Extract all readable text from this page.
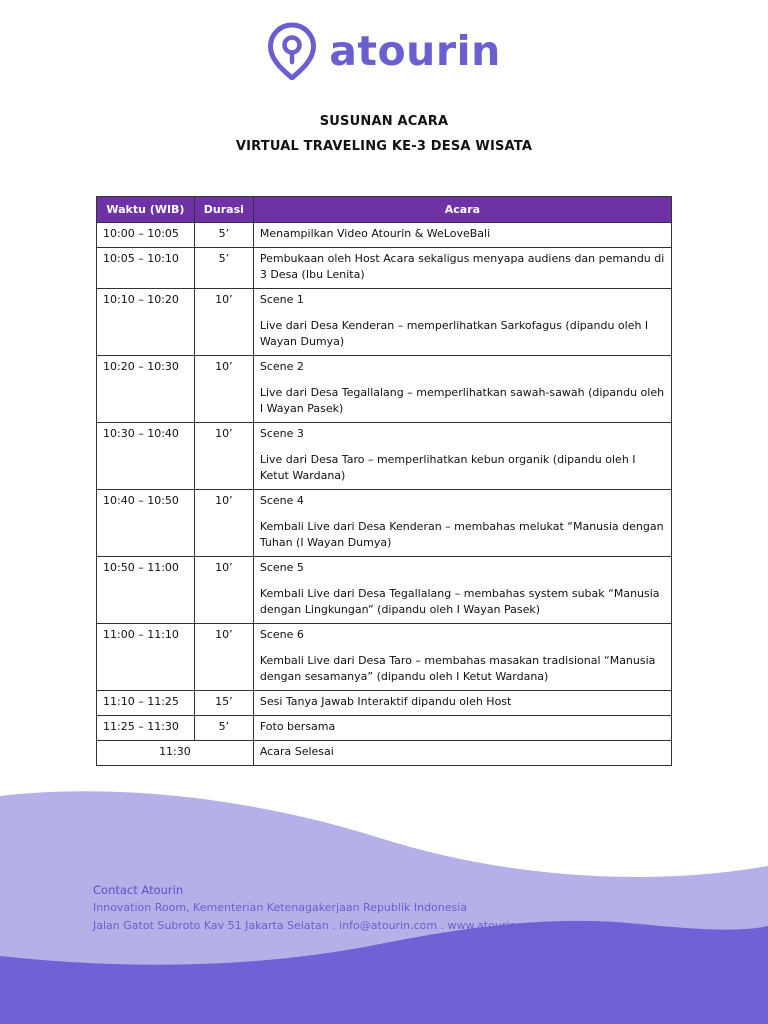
atourin
SUSUNAN ACARA
VIRTUAL TRAVELING KE-3 DESA WISATA
Waktu (WIB)	Durasi	Acara
10:00 – 10:05	5’	Menampilkan Video Atourin & WeLoveBali
10:05 – 10:10	5’	Pembukaan oleh Host Acara sekaligus menyapa audiens dan pemandu di 3 Desa (Ibu Lenita)
10:10 – 10:20	10’	Scene 1
Live dari Desa Kenderan – memperlihatkan Sarkofagus (dipandu oleh I Wayan Dumya)

10:20 – 10:30	10’	Scene 2
Live dari Desa Tegallalang – memperlihatkan sawah-sawah (dipandu oleh I Wayan Pasek)

10:30 – 10:40	10’	Scene 3
Live dari Desa Taro – memperlihatkan kebun organik (dipandu oleh I Ketut Wardana)

10:40 – 10:50	10’	Scene 4
Kembali Live dari Desa Kenderan – membahas melukat “Manusia dengan Tuhan (I Wayan Dumya)

10:50 – 11:00	10’	Scene 5
Kembali Live dari Desa Tegallalang – membahas system subak “Manusia dengan Lingkungan” (dipandu oleh I Wayan Pasek)

11:00 – 11:10	10’	Scene 6
Kembali Live dari Desa Taro – membahas masakan tradisional “Manusia dengan sesamanya” (dipandu oleh I Ketut Wardana)

11:10 – 11:25	15’	Sesi Tanya Jawab Interaktif dipandu oleh Host
11:25 – 11:30	5’	Foto bersama
11:30		Acara Selesai
Contact Atourin
Innovation Room, Kementerian Ketenagakerjaan Republik Indonesia
Jalan Gatot Subroto Kav 51 Jakarta Selatan . info@atourin.com . www.atourin.com
